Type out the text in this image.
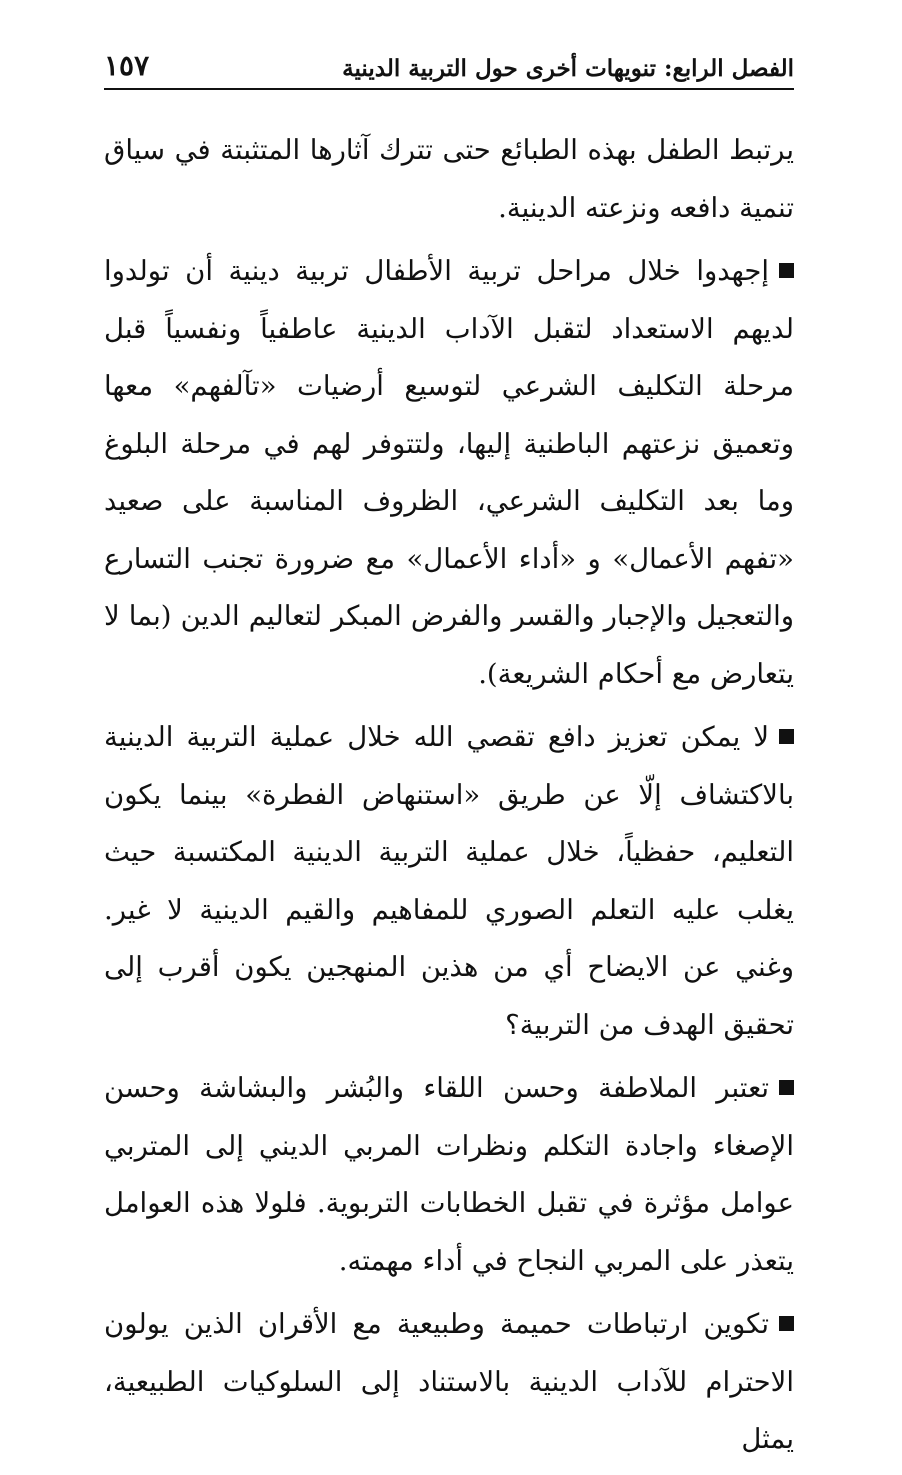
الفصل الرابع: تنويهات أخرى حول التربية الدينية
١٥٧

يرتبط الطفل بهذه الطبائع حتى تترك آثارها المتثبتة في سياق تنمية دافعه ونزعته الدينية.

إجهدوا خلال مراحل تربية الأطفال تربية دينية أن تولدوا لديهم الاستعداد لتقبل الآداب الدينية عاطفياً ونفسياً قبل مرحلة التكليف الشرعي لتوسيع أرضيات «تآلفهم» معها وتعميق نزعتهم الباطنية إليها، ولتتوفر لهم في مرحلة البلوغ وما بعد التكليف الشرعي، الظروف المناسبة على صعيد «تفهم الأعمال» و «أداء الأعمال» مع ضرورة تجنب التسارع والتعجيل والإجبار والقسر والفرض المبكر لتعاليم الدين (بما لا يتعارض مع أحكام الشريعة).

لا يمكن تعزيز دافع تقصي الله خلال عملية التربية الدينية بالاكتشاف إلّا عن طريق «استنهاض الفطرة» بينما يكون التعليم، حفظياً، خلال عملية التربية الدينية المكتسبة حيث يغلب عليه التعلم الصوري للمفاهيم والقيم الدينية لا غير. وغني عن الايضاح أي من هذين المنهجين يكون أقرب إلى تحقيق الهدف من التربية؟

تعتبر الملاطفة وحسن اللقاء والبُشر والبشاشة وحسن الإصغاء واجادة التكلم ونظرات المربي الديني إلى المتربي عوامل مؤثرة في تقبل الخطابات التربوية. فلولا هذه العوامل يتعذر على المربي النجاح في أداء مهمته.

تكوين ارتباطات حميمة وطبيعية مع الأقران الذين يولون الاحترام للآداب الدينية بالاستناد إلى السلوكيات الطبيعية، يمثل
